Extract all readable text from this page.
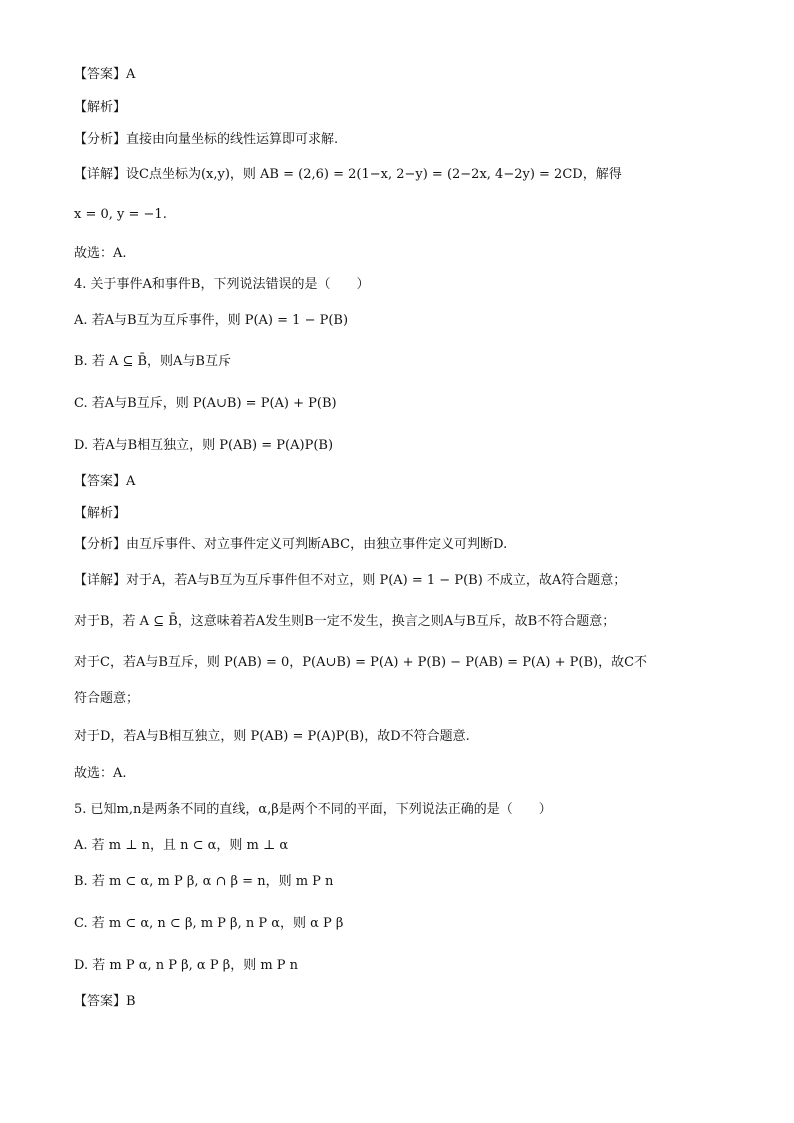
【答案】A
【解析】
【分析】直接由向量坐标的线性运算即可求解.
【详解】设C点坐标为(x,y)，则 AB = (2,6) = 2(1−x, 2−y) = (2−2x, 4−2y) = 2CD，解得
x = 0, y = −1.
故选：A.
4. 关于事件A和事件B，下列说法错误的是（　　）
A. 若A与B互为互斥事件，则 P(A) = 1 − P(B)
B. 若 A ⊆ B̄，则A与B互斥
C. 若A与B互斥，则 P(A∪B) = P(A) + P(B)
D. 若A与B相互独立，则 P(AB) = P(A)P(B)
【答案】A
【解析】
【分析】由互斥事件、对立事件定义可判断ABC，由独立事件定义可判断D.
【详解】对于A，若A与B互为互斥事件但不对立，则 P(A) = 1 − P(B) 不成立，故A符合题意；
对于B，若 A ⊆ B̄，这意味着若A发生则B一定不发生，换言之则A与B互斥，故B不符合题意；
对于C，若A与B互斥，则 P(AB) = 0，P(A∪B) = P(A) + P(B) − P(AB) = P(A) + P(B)，故C不
符合题意；
对于D，若A与B相互独立，则 P(AB) = P(A)P(B)，故D不符合题意.
故选：A.
5. 已知m,n是两条不同的直线，α,β是两个不同的平面，下列说法正确的是（　　）
A. 若 m ⊥ n，且 n ⊂ α，则 m ⊥ α
B. 若 m ⊂ α, m P β, α ∩ β = n，则 m P n
C. 若 m ⊂ α, n ⊂ β, m P β, n P α，则 α P β
D. 若 m P α, n P β, α P β，则 m P n
【答案】B
